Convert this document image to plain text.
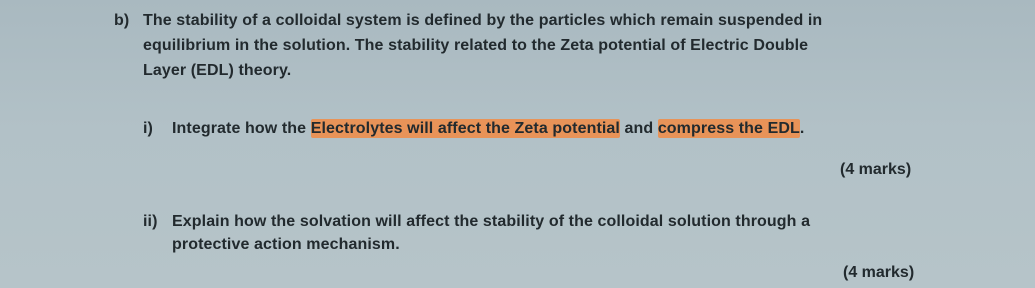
b) The stability of a colloidal system is defined by the particles which remain suspended in
equilibrium in the solution. The stability related to the Zeta potential of Electric Double
Layer (EDL) theory.
i) Integrate how the Electrolytes will affect the Zeta potential and compress the EDL.
(4 marks)
ii) Explain how the solvation will affect the stability of the colloidal solution through a
protective action mechanism.
(4 marks)
